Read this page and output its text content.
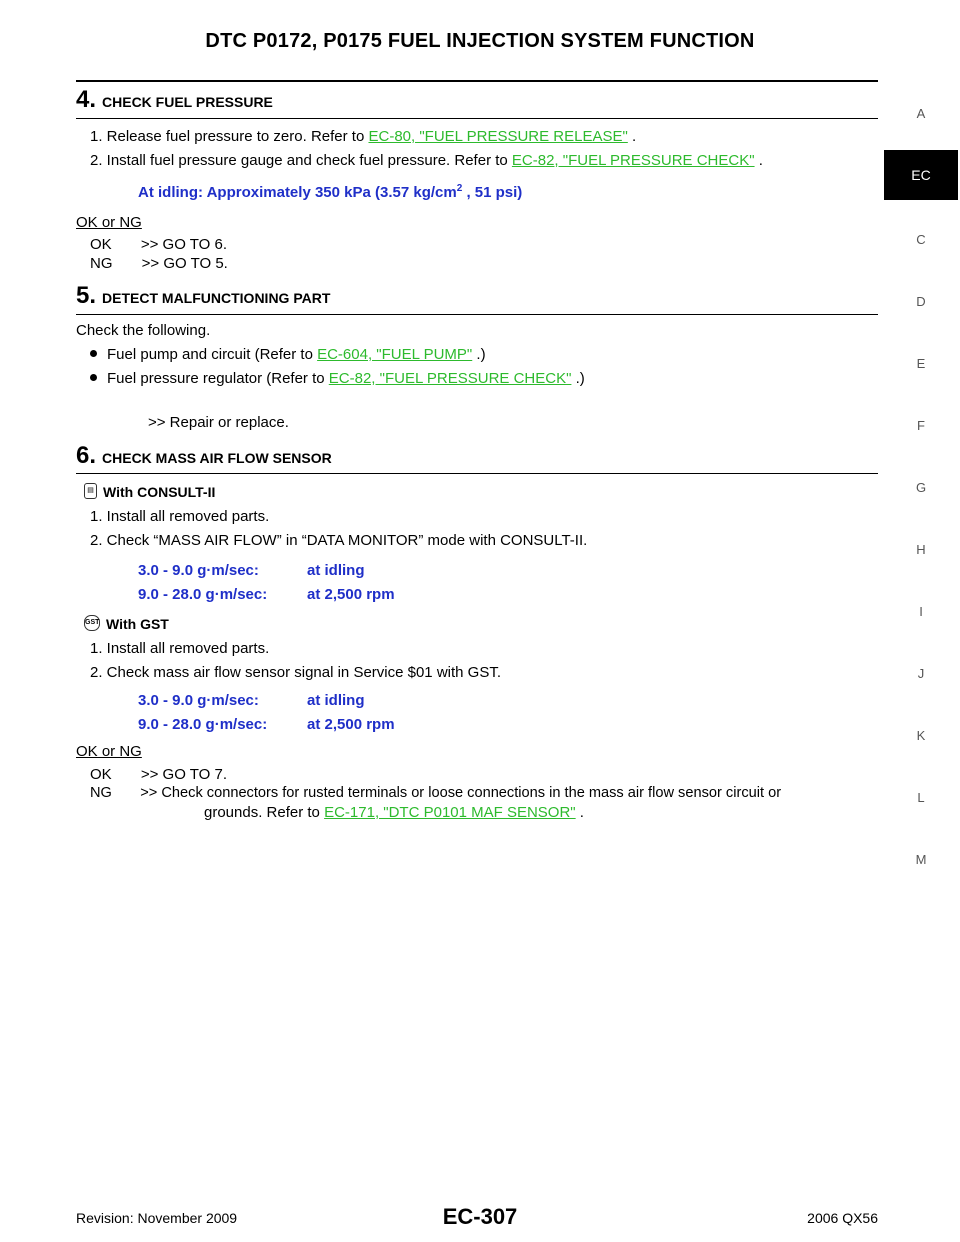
DTC P0172, P0175 FUEL INJECTION SYSTEM FUNCTION
A
EC
C
D
E
F
G
H
I
J
K
L
M
4. CHECK FUEL PRESSURE
1. Release fuel pressure to zero. Refer to EC-80, "FUEL PRESSURE RELEASE" .
2. Install fuel pressure gauge and check fuel pressure. Refer to EC-82, "FUEL PRESSURE CHECK" .
At idling: Approximately 350 kPa (3.57 $kg/cm^2$ , 51 psi)
OK or NG
OK       >> GO TO 6.
NG       >> GO TO 5.
5. DETECT MALFUNCTIONING PART
Check the following.
Fuel pump and circuit (Refer to EC-604, "FUEL PUMP" .)
Fuel pressure regulator (Refer to EC-82, "FUEL PRESSURE CHECK" .)
>> Repair or replace.
6. CHECK MASS AIR FLOW SENSOR
▤ With CONSULT-II
1. Install all removed parts.
2. Check “MASS AIR FLOW” in “DATA MONITOR” mode with CONSULT-II.
3.0 - 9.0 g·m/sec:	at idling
9.0 - 28.0 g·m/sec:	at 2,500 rpm
GST With GST
1. Install all removed parts.
2. Check mass air flow sensor signal in Service $01 with GST.
3.0 - 9.0 g·m/sec:	at idling
9.0 - 28.0 g·m/sec:	at 2,500 rpm
OK or NG
OK       >> GO TO 7.
NG       >> Check connectors for rusted terminals or loose connections in the mass air flow sensor circuit or
grounds. Refer to EC-171, "DTC P0101 MAF SENSOR" .
Revision: November 2009	EC-307	2006 QX56
